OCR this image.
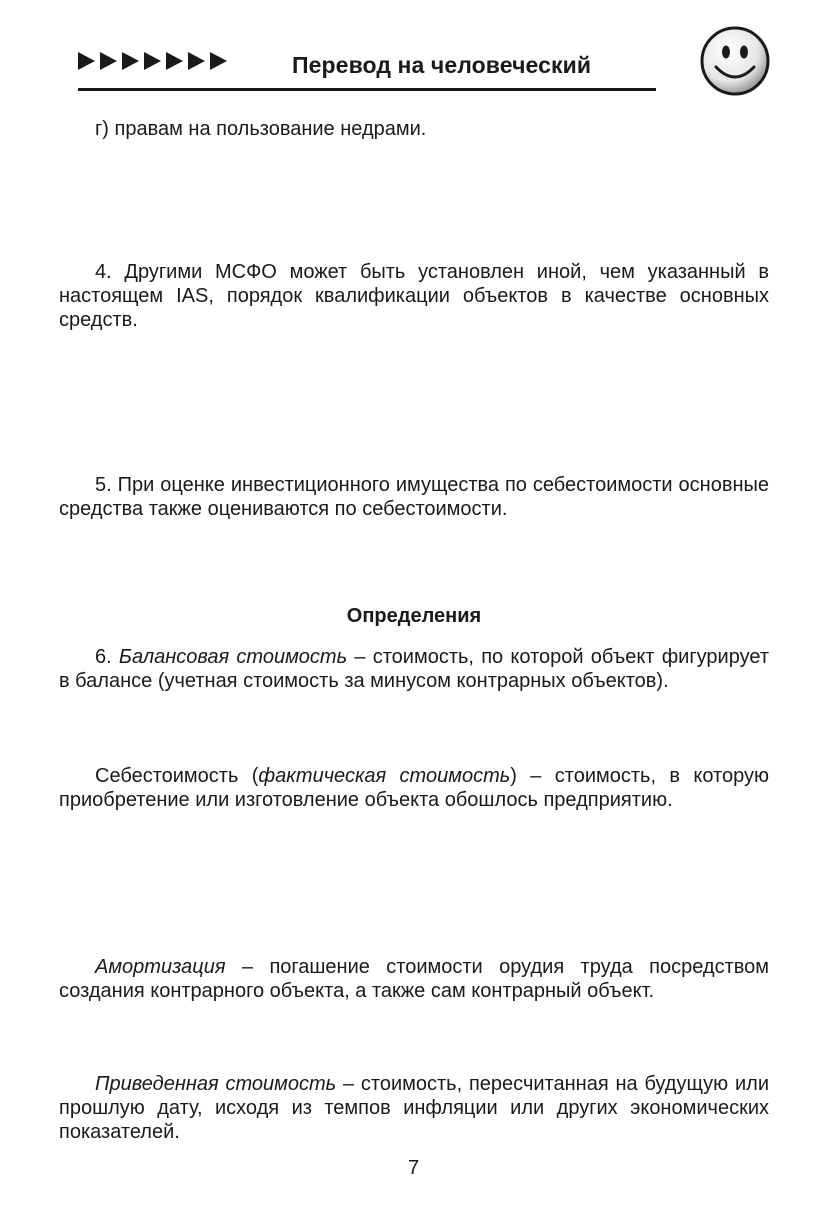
Перевод на человеческий

г) правам на пользование недрами.

4. Другими МСФО может быть установлен иной, чем указанный в настоящем IAS, порядок квалификации объектов в качестве основных средств.

5. При оценке инвестиционного имущества по себестоимости основные средства также оцениваются по себестоимости.

Определения

6. Балансовая стоимость – стоимость, по которой объект фигурирует в балансе (учетная стоимость за минусом контрарных объектов).

Себестоимость (фактическая стоимость) – стоимость, в которую приобретение или изготовление объекта обошлось предприятию.

Амортизация – погашение стоимости орудия труда посредством создания контрарного объекта, а также сам контрарный объект.

Приведенная стоимость – стоимость, пересчитанная на будущую или прошлую дату, исходя из темпов инфляции или других экономических показателей.

7
